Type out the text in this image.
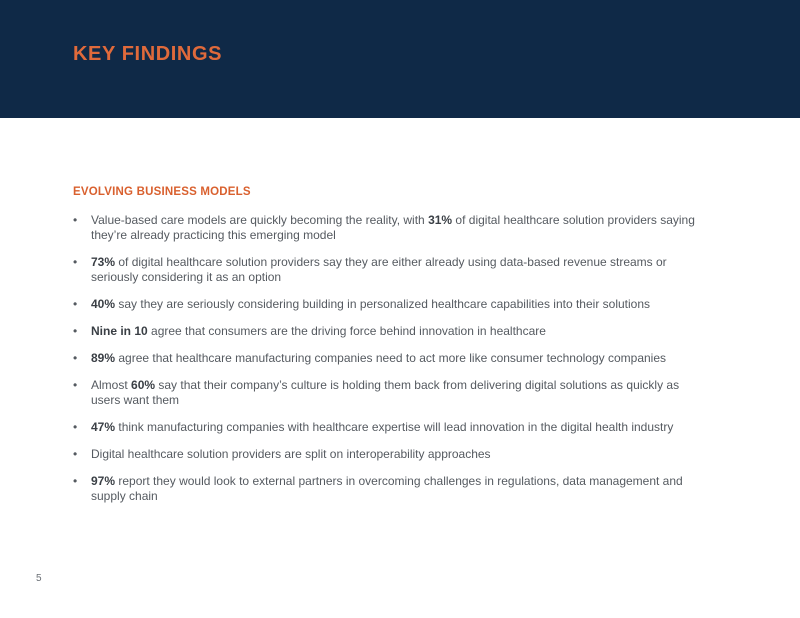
KEY FINDINGS
EVOLVING BUSINESS MODELS
• Value-based care models are quickly becoming the reality, with 31% of digital healthcare solution providers saying they’re already practicing this emerging model
• 73% of digital healthcare solution providers say they are either already using data-based revenue streams or seriously considering it as an option
• 40% say they are seriously considering building in personalized healthcare capabilities into their solutions
• Nine in 10 agree that consumers are the driving force behind innovation in healthcare
• 89% agree that healthcare manufacturing companies need to act more like consumer technology companies
• Almost 60% say that their company’s culture is holding them back from delivering digital solutions as quickly as users want them
• 47% think manufacturing companies with healthcare expertise will lead innovation in the digital health industry
• Digital healthcare solution providers are split on interoperability approaches
• 97% report they would look to external partners in overcoming challenges in regulations, data management and supply chain
5
